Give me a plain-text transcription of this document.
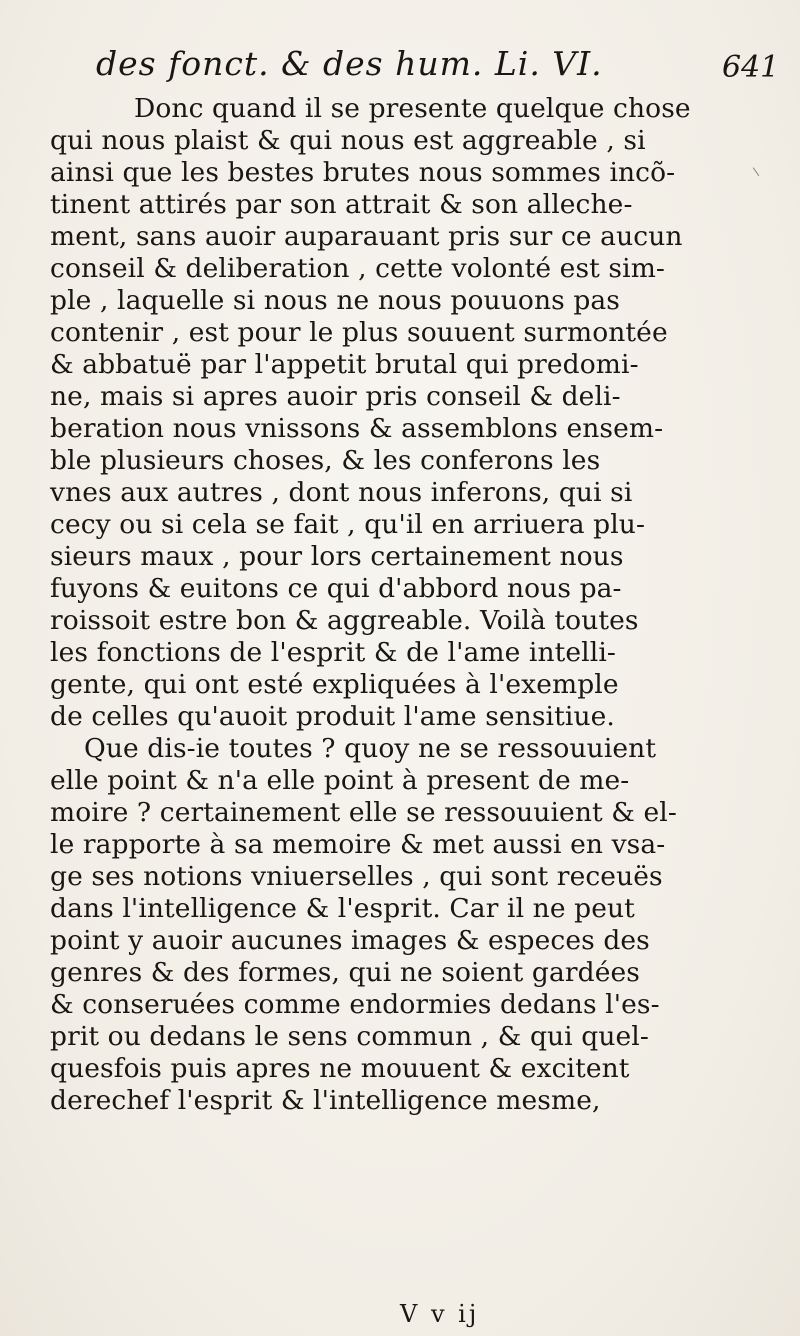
des fonct. & des hum. Li. VI.	641
Donc quand il se presente quelque chose
qui nous plaist & qui nous est aggreable , si
ainsi que les bestes brutes nous sommes incõ-
tinent attirés par son attrait & son alleche-
ment, sans auoir auparauant pris sur ce aucun
conseil & deliberation , cette volonté est sim-
ple , laquelle si nous ne nous pouuons pas
contenir , est pour le plus souuent surmontée
& abbatuë par l'appetit brutal qui predomi-
ne, mais si apres auoir pris conseil & deli-
beration nous vnissons & assemblons ensem-
ble plusieurs choses, & les conferons les
vnes aux autres , dont nous inferons, qui si
cecy ou si cela se fait , qu'il en arriuera plu-
sieurs maux , pour lors certainement nous
fuyons & euitons ce qui d'abbord nous pa-
roissoit estre bon & aggreable. Voilà toutes
les fonctions de l'esprit & de l'ame intelli-
gente, qui ont esté expliquées à l'exemple
de celles qu'auoit produit l'ame sensitiue.
Que dis-ie toutes ? quoy ne se ressouuient
elle point & n'a elle point à present de me-
moire ? certainement elle se ressouuient & el-
le rapporte à sa memoire & met aussi en vsa-
ge ses notions vniuerselles , qui sont receuës
dans l'intelligence & l'esprit. Car il ne peut
point y auoir aucunes images & especes des
genres & des formes, qui ne soient gardées
& conseruées comme endormies dedans l'es-
prit ou dedans le sens commun , & qui quel-
quesfois puis apres ne mouuent & excitent
derechef l'esprit & l'intelligence mesme,
V v ij
